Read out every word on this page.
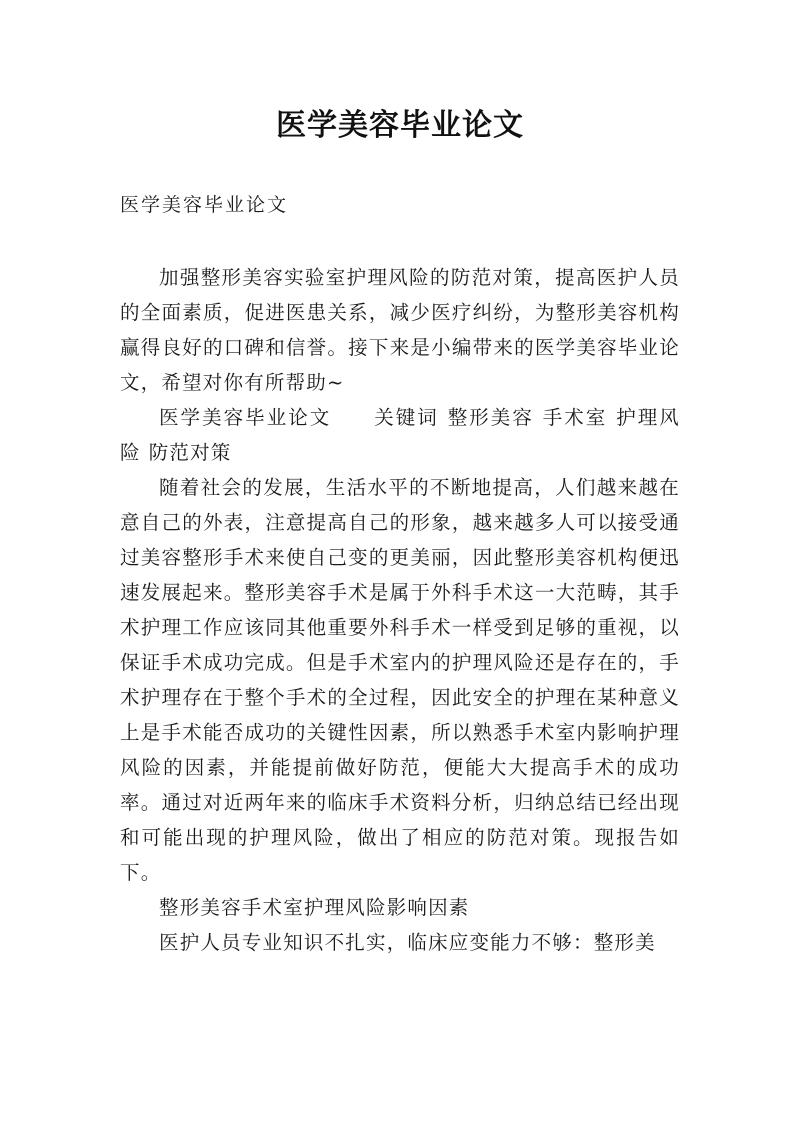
医学美容毕业论文
医学美容毕业论文

加强整形美容实验室护理风险的防范对策，提高医护人员的全面素质，促进医患关系，减少医疗纠纷，为整形美容机构赢得良好的口碑和信誉。接下来是小编带来的医学美容毕业论文，希望对你有所帮助~

医学美容毕业论文 关键词 整形美容 手术室 护理风险 防范对策

随着社会的发展，生活水平的不断地提高，人们越来越在意自己的外表，注意提高自己的形象，越来越多人可以接受通过美容整形手术来使自己变的更美丽，因此整形美容机构便迅速发展起来。整形美容手术是属于外科手术这一大范畴，其手术护理工作应该同其他重要外科手术一样受到足够的重视，以保证手术成功完成。但是手术室内的护理风险还是存在的，手术护理存在于整个手术的全过程，因此安全的护理在某种意义上是手术能否成功的关键性因素，所以熟悉手术室内影响护理风险的因素，并能提前做好防范，便能大大提高手术的成功率。通过对近两年来的临床手术资料分析，归纳总结已经出现和可能出现的护理风险，做出了相应的防范对策。现报告如下。

整形美容手术室护理风险影响因素

医护人员专业知识不扎实，临床应变能力不够：整形美
